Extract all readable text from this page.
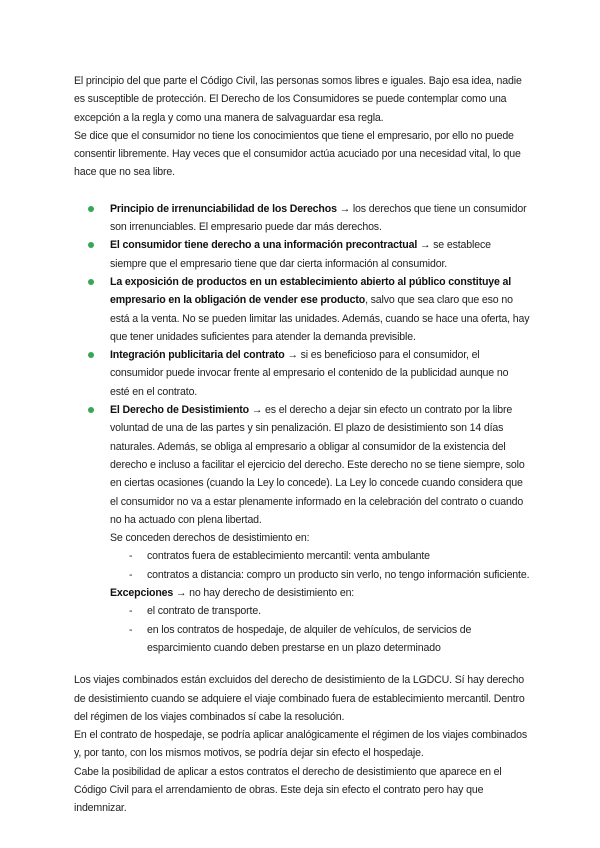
El principio del que parte el Código Civil, las personas somos libres e iguales. Bajo esa idea, nadie es susceptible de protección. El Derecho de los Consumidores se puede contemplar como una excepción a la regla y como una manera de salvaguardar esa regla.

Se dice que el consumidor no tiene los conocimientos que tiene el empresario, por ello no puede consentir libremente. Hay veces que el consumidor actúa acuciado por una necesidad vital, lo que hace que no sea libre.

Principio de irrenunciabilidad de los Derechos → los derechos que tiene un consumidor son irrenunciables. El empresario puede dar más derechos.
El consumidor tiene derecho a una información precontractual → se establece siempre que el empresario tiene que dar cierta información al consumidor.
La exposición de productos en un establecimiento abierto al público constituye al empresario en la obligación de vender ese producto, salvo que sea claro que eso no está a la venta. No se pueden limitar las unidades. Además, cuando se hace una oferta, hay que tener unidades suficientes para atender la demanda previsible.
Integración publicitaria del contrato → si es beneficioso para el consumidor, el consumidor puede invocar frente al empresario el contenido de la publicidad aunque no esté en el contrato.
El Derecho de Desistimiento → es el derecho a dejar sin efecto un contrato por la libre voluntad de una de las partes y sin penalización. El plazo de desistimiento son 14 días naturales. Además, se obliga al empresario a obligar al consumidor de la existencia del derecho e incluso a facilitar el ejercicio del derecho. Este derecho no se tiene siempre, solo en ciertas ocasiones (cuando la Ley lo concede). La Ley lo concede cuando considera que el consumidor no va a estar plenamente informado en la celebración del contrato o cuando no ha actuado con plena libertad.
Se conceden derechos de desistimiento en:
- contratos fuera de establecimiento mercantil: venta ambulante
- contratos a distancia: compro un producto sin verlo, no tengo información suficiente.
Excepciones → no hay derecho de desistimiento en:
- el contrato de transporte.
- en los contratos de hospedaje, de alquiler de vehículos, de servicios de esparcimiento cuando deben prestarse en un plazo determinado

Los viajes combinados están excluidos del derecho de desistimiento de la LGDCU. Sí hay derecho de desistimiento cuando se adquiere el viaje combinado fuera de establecimiento mercantil. Dentro del régimen de los viajes combinados sí cabe la resolución.

En el contrato de hospedaje, se podría aplicar analógicamente el régimen de los viajes combinados y, por tanto, con los mismos motivos, se podría dejar sin efecto el hospedaje.

Cabe la posibilidad de aplicar a estos contratos el derecho de desistimiento que aparece en el Código Civil para el arrendamiento de obras. Este deja sin efecto el contrato pero hay que indemnizar.
